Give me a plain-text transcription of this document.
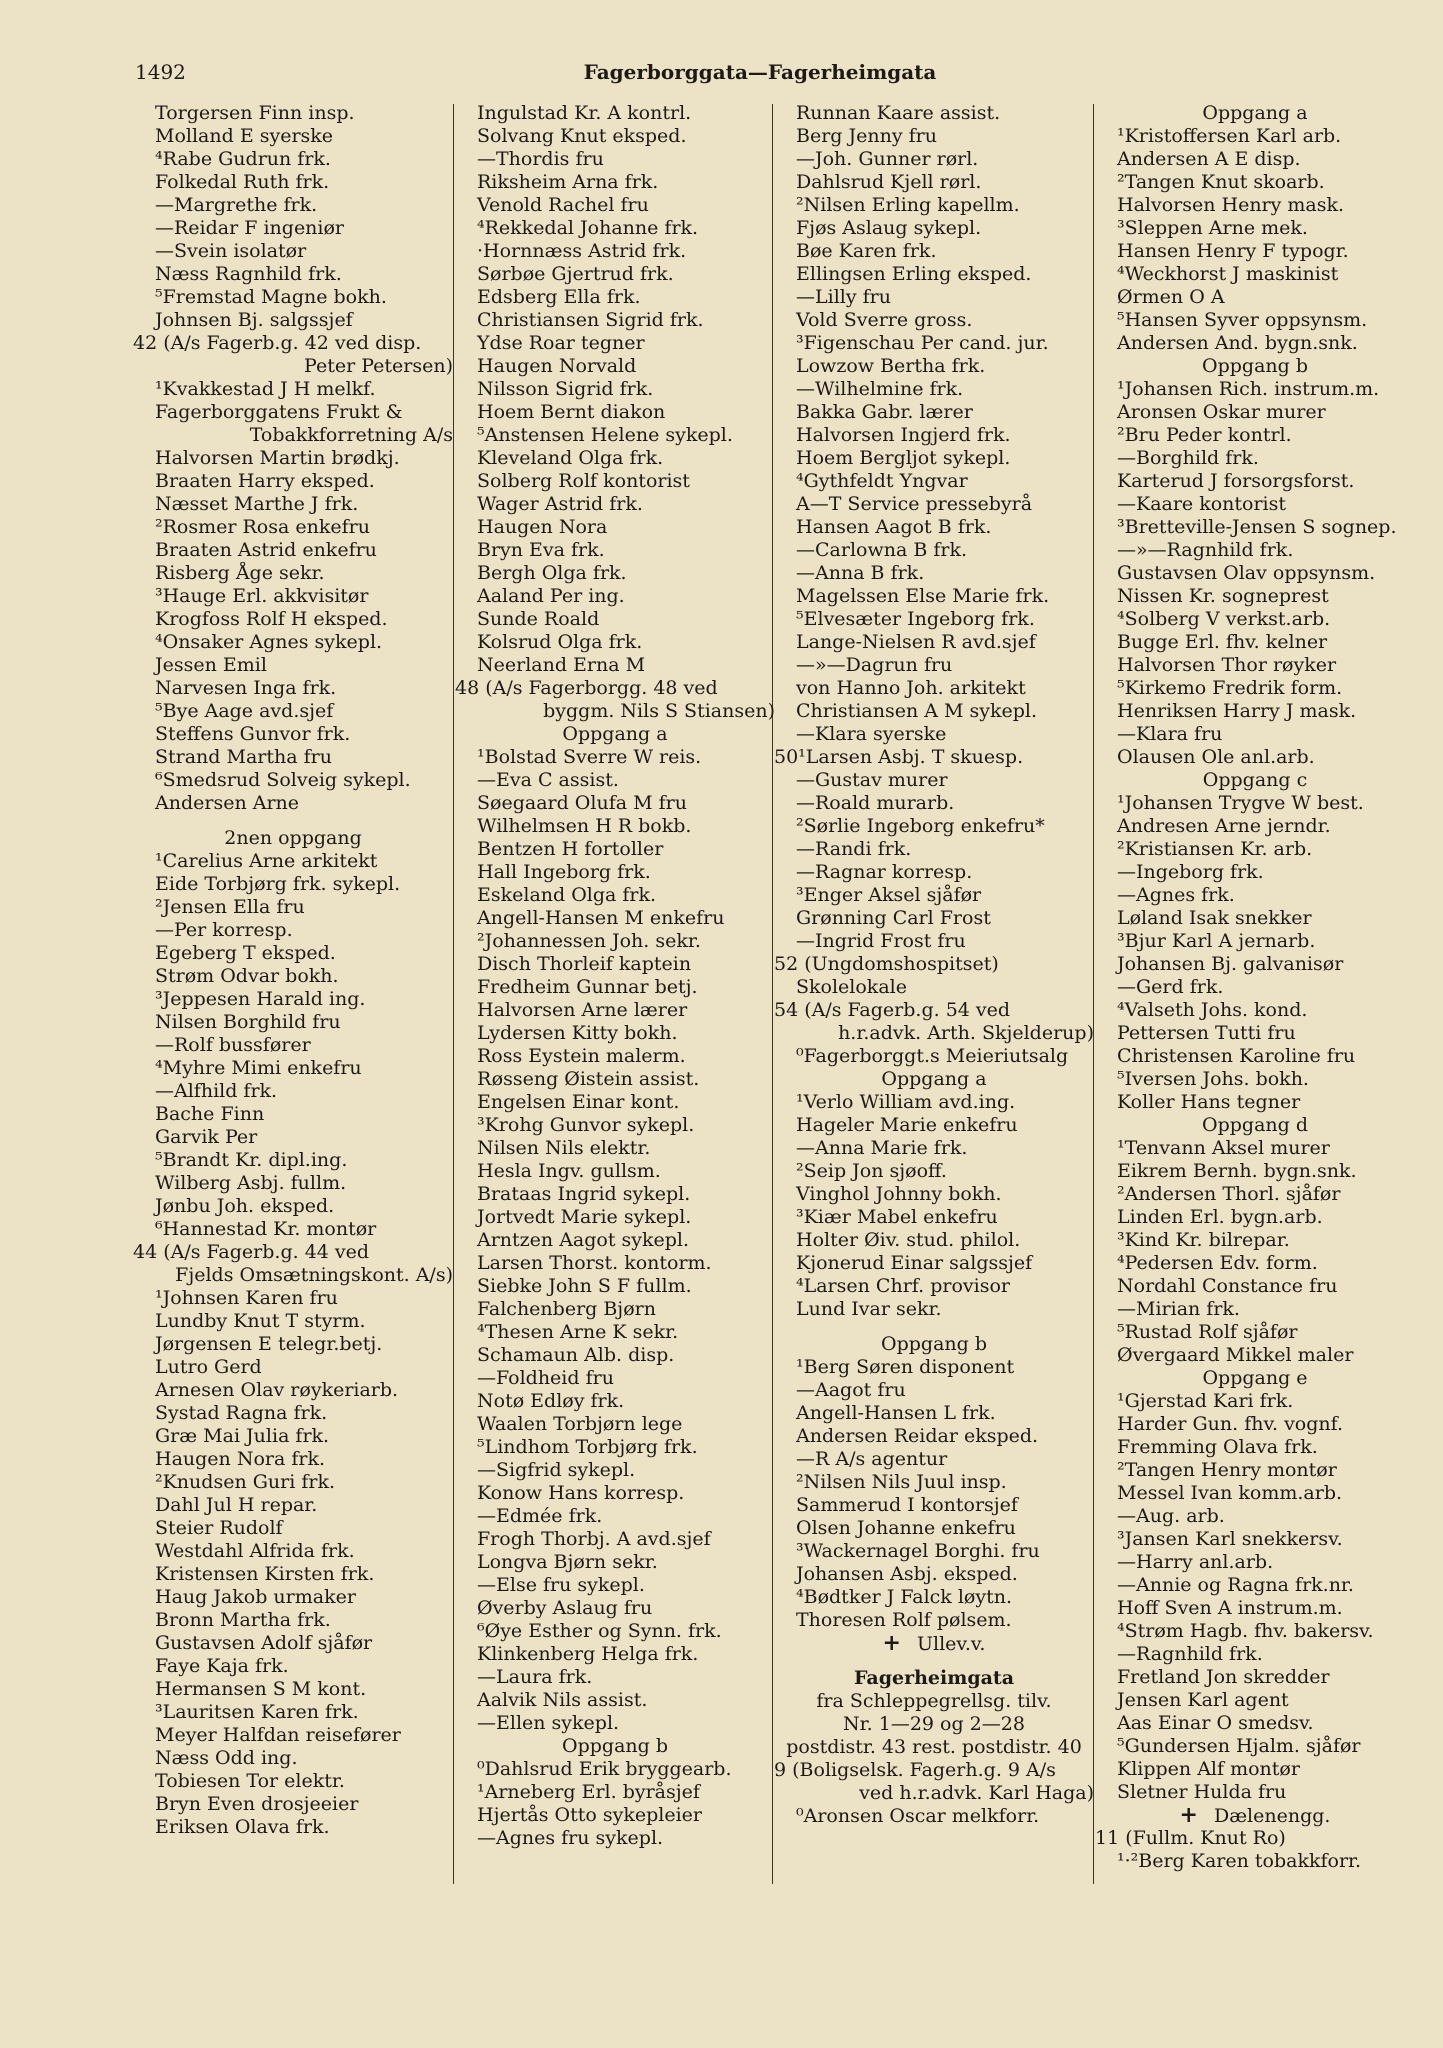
1492	Fagerborggata—Fagerheimgata
Torgersen Finn insp.
Molland E syerske
⁴Rabe Gudrun frk.
Folkedal Ruth frk.
—Margrethe frk.
—Reidar F ingeniør
—Svein isolatør
Næss Ragnhild frk.
⁵Fremstad Magne bokh.
Johnsen Bj. salgssjef
42 (A/s Fagerb.g. 42 ved disp.
Peter Petersen)
¹Kvakkestad J H melkf.
Fagerborggatens Frukt &
Tobakkforretning A/s
Halvorsen Martin brødkj.
Braaten Harry eksped.
Næsset Marthe J frk.
²Rosmer Rosa enkefru
Braaten Astrid enkefru
Risberg Åge sekr.
³Hauge Erl. akkvisitør
Krogfoss Rolf H eksped.
⁴Onsaker Agnes sykepl.
Jessen Emil
Narvesen Inga frk.
⁵Bye Aage avd.sjef
Steffens Gunvor frk.
Strand Martha fru
⁶Smedsrud Solveig sykepl.
Andersen Arne
2nen oppgang
¹Carelius Arne arkitekt
Eide Torbjørg frk. sykepl.
²Jensen Ella fru
—Per korresp.
Egeberg T eksped.
Strøm Odvar bokh.
³Jeppesen Harald ing.
Nilsen Borghild fru
—Rolf bussfører
⁴Myhre Mimi enkefru
—Alfhild frk.
Bache Finn
Garvik Per
⁵Brandt Kr. dipl.ing.
Wilberg Asbj. fullm.
Jønbu Joh. eksped.
⁶Hannestad Kr. montør
44 (A/s Fagerb.g. 44 ved
Fjelds Omsætningskont. A/s)
¹Johnsen Karen fru
Lundby Knut T styrm.
Jørgensen E telegr.betj.
Lutro Gerd
Arnesen Olav røykeriarb.
Systad Ragna frk.
Græ Mai Julia frk.
Haugen Nora frk.
²Knudsen Guri frk.
Dahl Jul H repar.
Steier Rudolf
Westdahl Alfrida frk.
Kristensen Kirsten frk.
Haug Jakob urmaker
Bronn Martha frk.
Gustavsen Adolf sjåfør
Faye Kaja frk.
Hermansen S M kont.
³Lauritsen Karen frk.
Meyer Halfdan reisefører
Næss Odd ing.
Tobiesen Tor elektr.
Bryn Even drosjeeier
Eriksen Olava frk.
Ingulstad Kr. A kontrl.
Solvang Knut eksped.
—Thordis fru
Riksheim Arna frk.
Venold Rachel fru
⁴Rekkedal Johanne frk.
·Hornnæss Astrid frk.
Sørbøe Gjertrud frk.
Edsberg Ella frk.
Christiansen Sigrid frk.
Ydse Roar tegner
Haugen Norvald
Nilsson Sigrid frk.
Hoem Bernt diakon
⁵Anstensen Helene sykepl.
Kleveland Olga frk.
Solberg Rolf kontorist
Wager Astrid frk.
Haugen Nora
Bryn Eva frk.
Bergh Olga frk.
Aaland Per ing.
Sunde Roald
Kolsrud Olga frk.
Neerland Erna M
48 (A/s Fagerborgg. 48 ved
byggm. Nils S Stiansen)
Oppgang a
¹Bolstad Sverre W reis.
—Eva C assist.
Søegaard Olufa M fru
Wilhelmsen H R bokb.
Bentzen H fortoller
Hall Ingeborg frk.
Eskeland Olga frk.
Angell-Hansen M enkefru
²Johannessen Joh. sekr.
Disch Thorleif kaptein
Fredheim Gunnar betj.
Halvorsen Arne lærer
Lydersen Kitty bokh.
Ross Eystein malerm.
Røsseng Øistein assist.
Engelsen Einar kont.
³Krohg Gunvor sykepl.
Nilsen Nils elektr.
Hesla Ingv. gullsm.
Brataas Ingrid sykepl.
Jortvedt Marie sykepl.
Arntzen Aagot sykepl.
Larsen Thorst. kontorm.
Siebke John S F fullm.
Falchenberg Bjørn
⁴Thesen Arne K sekr.
Schamaun Alb. disp.
—Foldheid fru
Notø Edløy frk.
Waalen Torbjørn lege
⁵Lindhom Torbjørg frk.
—Sigfrid sykepl.
Konow Hans korresp.
—Edmée frk.
Frogh Thorbj. A avd.sjef
Longva Bjørn sekr.
—Else fru sykepl.
Øverby Aslaug fru
⁶Øye Esther og Synn. frk.
Klinkenberg Helga frk.
—Laura frk.
Aalvik Nils assist.
—Ellen sykepl.
Oppgang b
⁰Dahlsrud Erik bryggearb.
¹Arneberg Erl. byråsjef
Hjertås Otto sykepleier
—Agnes fru sykepl.
Runnan Kaare assist.
Berg Jenny fru
—Joh. Gunner rørl.
Dahlsrud Kjell rørl.
²Nilsen Erling kapellm.
Fjøs Aslaug sykepl.
Bøe Karen frk.
Ellingsen Erling eksped.
—Lilly fru
Vold Sverre gross.
³Figenschau Per cand. jur.
Lowzow Bertha frk.
—Wilhelmine frk.
Bakka Gabr. lærer
Halvorsen Ingjerd frk.
Hoem Bergljot sykepl.
⁴Gythfeldt Yngvar
A—T Service pressebyrå
Hansen Aagot B frk.
—Carlowna B frk.
—Anna B frk.
Magelssen Else Marie frk.
⁵Elvesæter Ingeborg frk.
Lange-Nielsen R avd.sjef
—»—Dagrun fru
von Hanno Joh. arkitekt
Christiansen A M sykepl.
—Klara syerske
50¹Larsen Asbj. T skuesp.
—Gustav murer
—Roald murarb.
²Sørlie Ingeborg enkefru*
—Randi frk.
—Ragnar korresp.
³Enger Aksel sjåfør
Grønning Carl Frost
—Ingrid Frost fru
52 (Ungdomshospitset)
Skolelokale
54 (A/s Fagerb.g. 54 ved
h.r.advk. Arth. Skjelderup)
⁰Fagerborggt.s Meieriutsalg
Oppgang a
¹Verlo William avd.ing.
Hageler Marie enkefru
—Anna Marie frk.
²Seip Jon sjøoff.
Vinghol Johnny bokh.
³Kiær Mabel enkefru
Holter Øiv. stud. philol.
Kjonerud Einar salgssjef
⁴Larsen Chrf. provisor
Lund Ivar sekr.
Oppgang b
¹Berg Søren disponent
—Aagot fru
Angell-Hansen L frk.
Andersen Reidar eksped.
—R A/s agentur
²Nilsen Nils Juul insp.
Sammerud I kontorsjef
Olsen Johanne enkefru
³Wackernagel Borghi. fru
Johansen Asbj. eksped.
⁴Bødtker J Falck løytn.
Thoresen Rolf pølsem.
+ Ullev.v.
Fagerheimgata
fra Schleppegrellsg. tilv.
Nr. 1—29 og 2—28
postdistr. 43 rest. postdistr. 40
9 (Boligselsk. Fagerh.g. 9 A/s
ved h.r.advk. Karl Haga)
⁰Aronsen Oscar melkforr.
Oppgang a
¹Kristoffersen Karl arb.
Andersen A E disp.
²Tangen Knut skoarb.
Halvorsen Henry mask.
³Sleppen Arne mek.
Hansen Henry F typogr.
⁴Weckhorst J maskinist
Ørmen O A
⁵Hansen Syver oppsynsm.
Andersen And. bygn.snk.
Oppgang b
¹Johansen Rich. instrum.m.
Aronsen Oskar murer
²Bru Peder kontrl.
—Borghild frk.
Karterud J forsorgsforst.
—Kaare kontorist
³Bretteville-Jensen S sognep.
—»—Ragnhild frk.
Gustavsen Olav oppsynsm.
Nissen Kr. sogneprest
⁴Solberg V verkst.arb.
Bugge Erl. fhv. kelner
Halvorsen Thor røyker
⁵Kirkemo Fredrik form.
Henriksen Harry J mask.
—Klara fru
Olausen Ole anl.arb.
Oppgang c
¹Johansen Trygve W best.
Andresen Arne jerndr.
²Kristiansen Kr. arb.
—Ingeborg frk.
—Agnes frk.
Løland Isak snekker
³Bjur Karl A jernarb.
Johansen Bj. galvanisør
—Gerd frk.
⁴Valseth Johs. kond.
Pettersen Tutti fru
Christensen Karoline fru
⁵Iversen Johs. bokh.
Koller Hans tegner
Oppgang d
¹Tenvann Aksel murer
Eikrem Bernh. bygn.snk.
²Andersen Thorl. sjåfør
Linden Erl. bygn.arb.
³Kind Kr. bilrepar.
⁴Pedersen Edv. form.
Nordahl Constance fru
—Mirian frk.
⁵Rustad Rolf sjåfør
Øvergaard Mikkel maler
Oppgang e
¹Gjerstad Kari frk.
Harder Gun. fhv. vognf.
Fremming Olava frk.
²Tangen Henry montør
Messel Ivan komm.arb.
—Aug. arb.
³Jansen Karl snekkersv.
—Harry anl.arb.
—Annie og Ragna frk.nr.
Hoff Sven A instrum.m.
⁴Strøm Hagb. fhv. bakersv.
—Ragnhild frk.
Fretland Jon skredder
Jensen Karl agent
Aas Einar O smedsv.
⁵Gundersen Hjalm. sjåfør
Klippen Alf montør
Sletner Hulda fru
+ Dælenengg.
11 (Fullm. Knut Ro)
¹·²Berg Karen tobakkforr.
